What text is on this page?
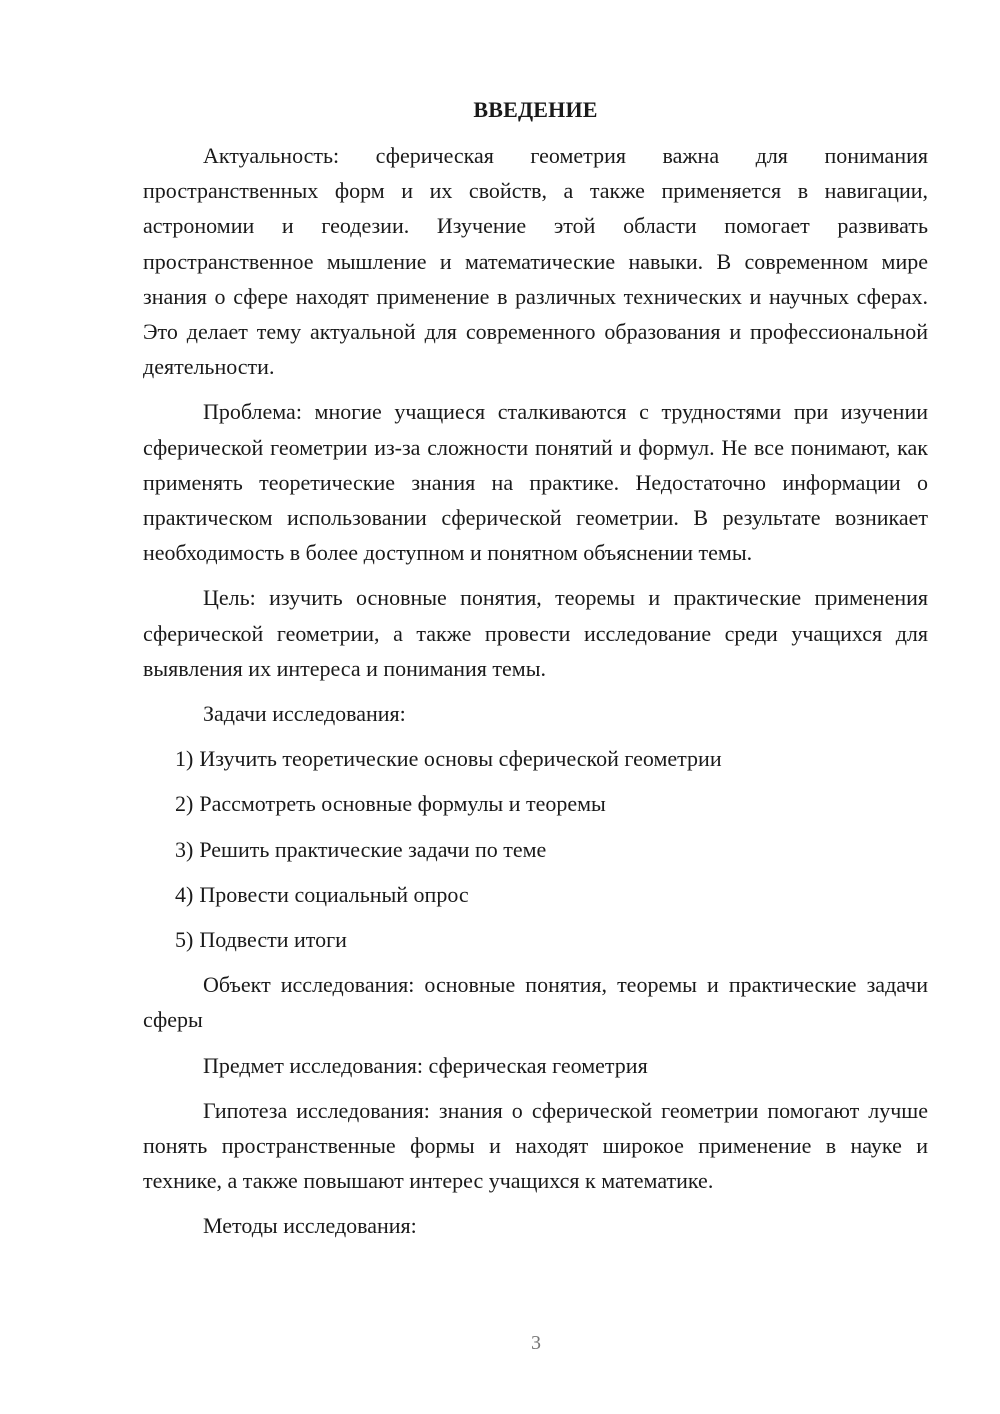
ВВЕДЕНИЕ

Актуальность: сферическая геометрия важна для понимания пространственных форм и их свойств, а также применяется в навигации, астрономии и геодезии. Изучение этой области помогает развивать пространственное мышление и математические навыки. В современном мире знания о сфере находят применение в различных технических и научных сферах. Это делает тему актуальной для современного образования и профессиональной деятельности.

Проблема: многие учащиеся сталкиваются с трудностями при изучении сферической геометрии из-за сложности понятий и формул. Не все понимают, как применять теоретические знания на практике. Недостаточно информации о практическом использовании сферической геометрии. В результате возникает необходимость в более доступном и понятном объяснении темы.

Цель: изучить основные понятия, теоремы и практические применения сферической геометрии, а также провести исследование среди учащихся для выявления их интереса и понимания темы.

Задачи исследования:

1) Изучить теоретические основы сферической геометрии
2) Рассмотреть основные формулы и теоремы
3) Решить практические задачи по теме
4) Провести социальный опрос
5) Подвести итоги

Объект исследования: основные понятия, теоремы и практические задачи сферы

Предмет исследования: сферическая геометрия

Гипотеза исследования: знания о сферической геометрии помогают лучше понять пространственные формы и находят широкое применение в науке и технике, а также повышают интерес учащихся к математике.

Методы исследования:

3
